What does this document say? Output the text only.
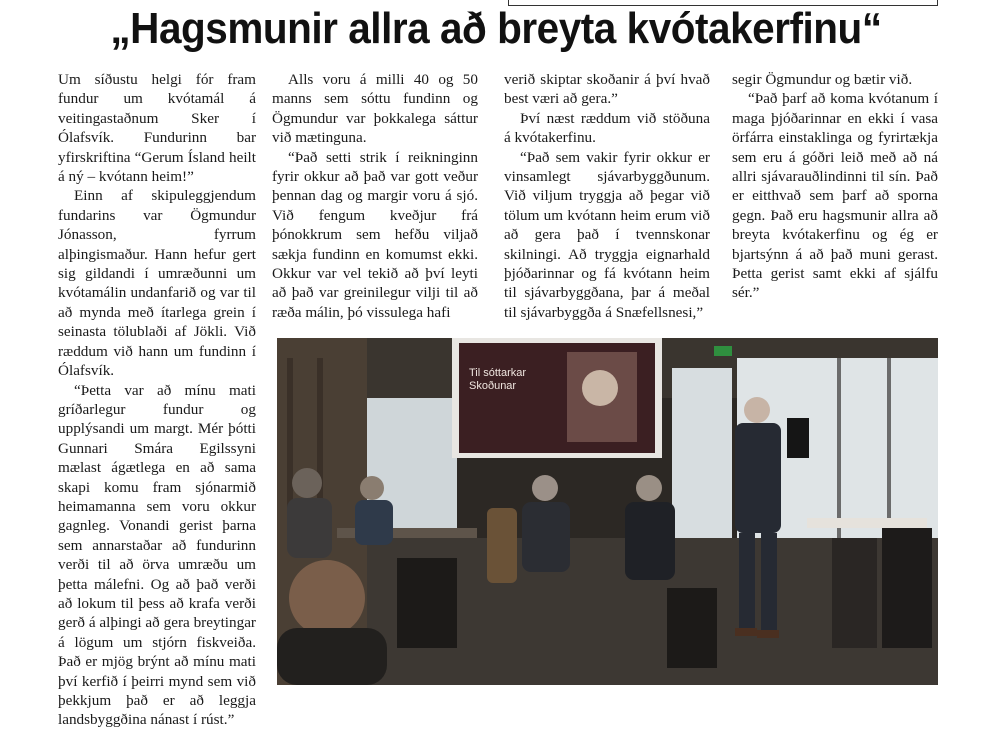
„Hagsmunir allra að breyta kvótakerfinu“

Um síðustu helgi fór fram fundur um kvótamál á veitingastaðnum Sker í Ólafsvík. Fundurinn bar yfirskriftina “Gerum Ísland heilt á ný – kvótann heim!”

Einn af skipuleggjendum fundarins var Ögmundur Jónasson, fyrrum alþingismaður. Hann hefur gert sig gildandi í umræðunni um kvótamálin undanfarið og var til að mynda með ítarlega grein í seinasta tölublaði af Jökli. Við ræddum við hann um fundinn í Ólafsvík.

“Þetta var að mínu mati gríðarlegur fundur og upplýsandi um margt. Mér þótti Gunnari Smára Egilssyni mælast ágætlega en að sama skapi komu fram sjónarmið heimamanna sem voru okkur gagnleg. Vonandi gerist þarna sem annarstaðar að fundurinn verði til að örva umræðu um þetta málefni. Og að það verði að lokum til þess að krafa verði gerð á alþingi að gera breytingar á lögum um stjórn fiskveiða. Það er mjög brýnt að mínu mati því kerfið í þeirri mynd sem við þekkjum það er að leggja landsbyggðina nánast í rúst.”

Alls voru á milli 40 og 50 manns sem sóttu fundinn og Ögmundur var þokkalega sáttur við mætinguna.

“Það setti strik í reikninginn fyrir okkur að það var gott veður þennan dag og margir voru á sjó. Við fengum kveðjur frá þónokkrum sem hefðu viljað sækja fundinn en komumst ekki. Okkur var vel tekið að því leyti að það var greinilegur vilji til að ræða málin, þó vissulega hafi

verið skiptar skoðanir á því hvað best væri að gera.”

Því næst ræddum við stöðuna á kvótakerfinu.

“Það sem vakir fyrir okkur er vinsamlegt sjávarbyggðunum. Við viljum tryggja að þegar við tölum um kvótann heim erum við að gera það í tvennskonar skilningi. Að tryggja eignarhald þjóðarinnar og fá kvótann heim til sjávarbyggðana, þar á meðal til sjávarbyggða á Snæfellsnesi,”

segir Ögmundur og bætir við.

“Það þarf að koma kvótanum í maga þjóðarinnar en ekki í vasa örfárra einstaklinga og fyrirtækja sem eru á góðri leið með að ná allri sjávarauðlindinni til sín. Það er eitthvað sem þarf að sporna gegn. Það eru hagsmunir allra að breyta kvótakerfinu og ég er bjartsýnn á að það muni gerast. Þetta gerist samt ekki af sjálfu sér.”

Til sóttarkar Skoðunar
